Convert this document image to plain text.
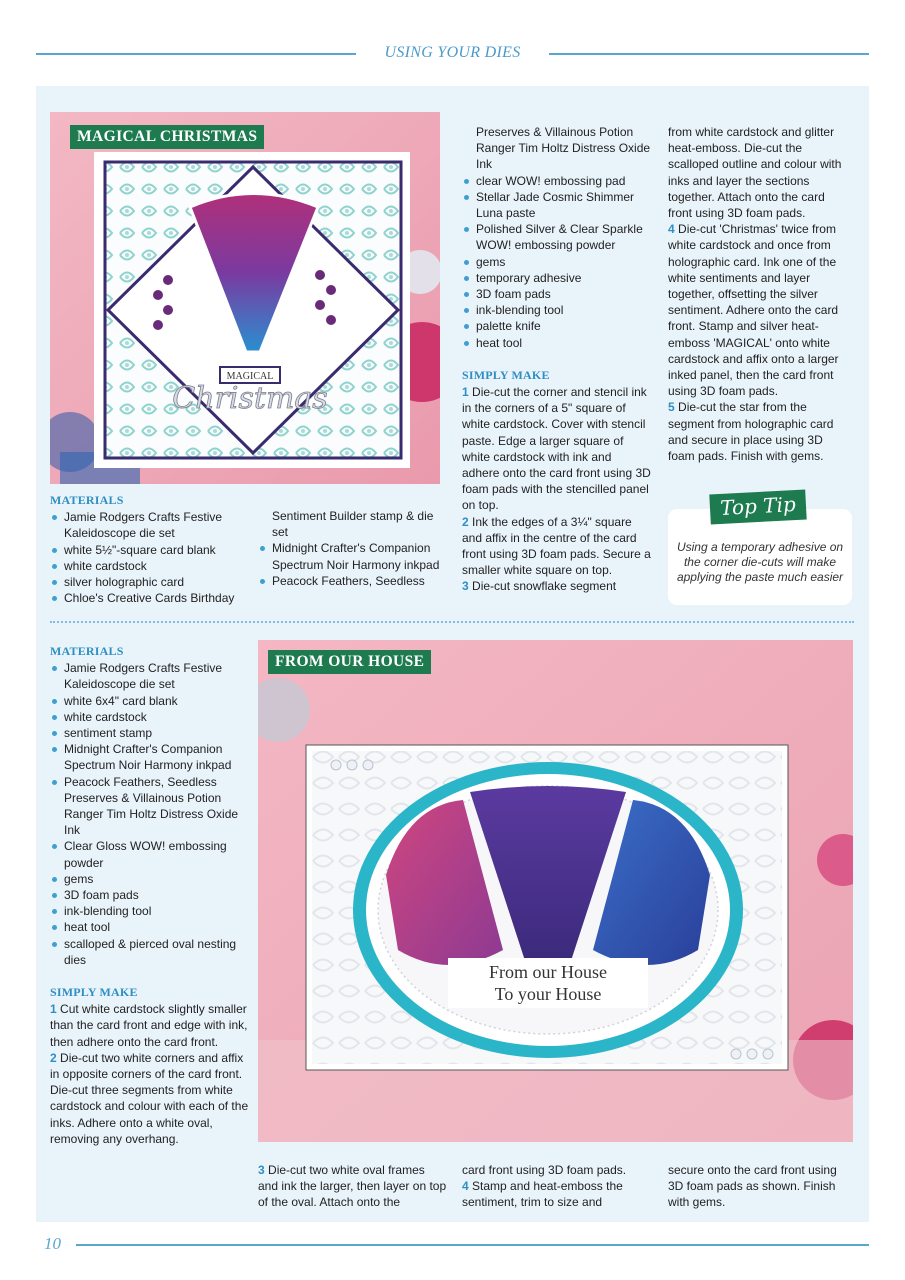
USING YOUR DIES
MAGICAL
Christmas
MAGICAL CHRISTMAS
MATERIALS
Jamie Rodgers Crafts Festive Kaleidoscope die set
white 5½"-square card blank
white cardstock
silver holographic card
Chloe's Creative Cards Birthday
Sentiment Builder stamp & die set
Midnight Crafter's Companion Spectrum Noir Harmony inkpad
Peacock Feathers, Seedless
Preserves & Villainous Potion Ranger Tim Holtz Distress Oxide Ink
clear WOW! embossing pad
Stellar Jade Cosmic Shimmer Luna paste
Polished Silver & Clear Sparkle WOW! embossing powder
gems
temporary adhesive
3D foam pads
ink-blending tool
palette knife
heat tool
SIMPLY MAKE
1 Die-cut the corner and stencil ink in the corners of a 5" square of white cardstock. Cover with stencil paste. Edge a larger square of white cardstock with ink and adhere onto the card front using 3D foam pads with the stencilled panel on top.
2 Ink the edges of a 3¼" square and affix in the centre of the card front using 3D foam pads. Secure a smaller white square on top.
3 Die-cut snowflake segment
from white cardstock and glitter heat-emboss. Die-cut the scalloped outline and colour with inks and layer the sections together. Attach onto the card front using 3D foam pads.
4 Die-cut 'Christmas' twice from white cardstock and once from holographic card. Ink one of the white sentiments and layer together, offsetting the silver sentiment. Adhere onto the card front. Stamp and silver heat-emboss 'MAGICAL' onto white cardstock and affix onto a larger inked panel, then the card front using 3D foam pads.
5 Die-cut the star from the segment from holographic card and secure in place using 3D foam pads. Finish with gems.
Top Tip
Using a temporary adhesive on the corner die-cuts will make applying the paste much easier
MATERIALS
Jamie Rodgers Crafts Festive Kaleidoscope die set
white 6x4" card blank
white cardstock
sentiment stamp
Midnight Crafter's Companion Spectrum Noir Harmony inkpad
Peacock Feathers, Seedless Preserves & Villainous Potion Ranger Tim Holtz Distress Oxide Ink
Clear Gloss WOW! embossing powder
gems
3D foam pads
ink-blending tool
heat tool
scalloped & pierced oval nesting dies
SIMPLY MAKE
1 Cut white cardstock slightly smaller than the card front and edge with ink, then adhere onto the card front.
2 Die-cut two white corners and affix in opposite corners of the card front. Die-cut three segments from white cardstock and colour with each of the inks. Adhere onto a white oval, removing any overhang.
From our House
To your House
FROM OUR HOUSE
3 Die-cut two white oval frames and ink the larger, then layer on top of the oval. Attach onto the
card front using 3D foam pads.
4 Stamp and heat-emboss the sentiment, trim to size and
secure onto the card front using 3D foam pads as shown. Finish with gems.
10
